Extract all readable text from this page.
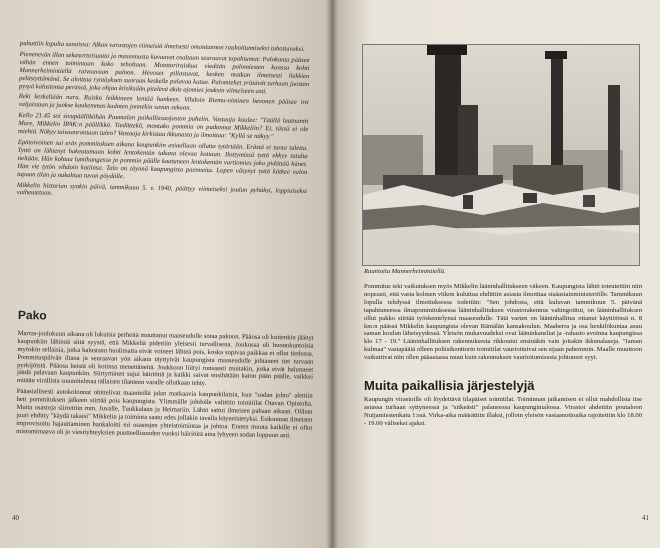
puhuttiin lopulta sanoissa: Alkon varastojen viimeisiä ilmeisesti omantunnon rauhoittamiseksi tuhottavaksi.

Pienenevän illan sekasortoisuutta ja masennusta kuvaavat osaltaan seuraavat tapahtumat: Palokunta pääsee vähän ennen toimintaan koko teholtaan. Moottoriruiskua viedään palomiesten kanssa kohti Mannerheimintiellä raivoavaan paloon. Hevoset pillastuvat, kesken matkan ilmeisesti liekkien pelästyttämänä. Se aloittaa ryntäyksen suoraan keskelle palavaa katua. Palomiehet yrittävät turhaan juosten pysyä kalustonsa perässä, joka ohjaa kiisiksään pitelevä äkäs ajomies jouksin viimeiseen asti.

Reki keskeltään naru. Ruisku leikkineen lentää hankeen. Vihdoin Riemu-niminen hevonen pääsee irti valjaistaan ja juokse kaukemmas kadoten jonnekin savun sekaan.

Kello 21.45 soi sivupäälliköhän Paumalan paikallissuojaston puhelin. Vastaaja kuulee: "Täällä luutnantti Mure, Mikkelin IPAK:n päällikkö. Tiedättekö, montako pommia on pudonnut Mikkeliin? Ei, tässä ei ole miehiä. Näkyy taivaanrantaan tulen? Vastaaja kirkistaa ikkunasta ja ilmoittaa: "Kyllä se näkyy."

Epätoivoinen sai eräs pommituksen aikana kaupunkiin asiaallaan ollutta tytärtään. Erästä ei tuota tuletta. Tyttö on lähtenyt hakeutumaan kohti lentokentän takana olevaa kotiaan. Ilottymissä tyttö ekkyy tutulta tieltään. Hän kohtaa lumihangessa jo pommin päälle kaatuneen lentokentän vartiomies joka pidättää hänet. Hän vie tytön vihdoin kotiinsa. Talo on täynnä kaupungista paenneita. Lopen väsynyt tyttö kätkee valon tupaan tilan ja nukahtaa tuvan pöydälle.

Mikkelin historian synkin päivä, tammikuun 5. v. 1940, päättyy viimeiseksi joulun pyhäksi, loppiaiseksi vaiheutetaan.

Pako

Marras-joulukuun aikana oli lukuisia perheitä muuttanut maaseudulle sotaa pakoon. Pääosa oli kuitenkin jäänyt kaupunkiin lähinnä siitä syystä, että Mikkeliä pidettiin yleisesti turvallisena. Joukossa oli huonokuntoisia myöskin sellaisia, jotka halustaan huolimatta eivät voineet lähteä pois, koska sopivaa paikkaa ei ollut tiedossa. Pommituspäivän iltana ja seuraavan yön aikana täyttyivät kaupungista maaseudulle johtaneet tiet turvaan pyrkijöistä. Pääosa heistä oli kotinsa menettäneitä. Joukkoon liittyi runsaasti muitakin, jotka eivät halunneet jäädä palavaan kaupunkiin. Siirtyminen sujui häiriöttä ja kaikki saivat ensihätään katon pään päälle, vaikkei mitään virallista suunnitelmaa tällaisen tilanteen varalle ollutkaan tehty.

Pääasiallisesti autokolonnat ohittelivat maanteillä jalan matkaavia kaupunkilaisia, kun "sodan johto" alettiin heti pommituksen jälkeen siirtää pois kaupungista. Ylimmälle johdolle valittiin toimitilat Otavan Opistolta. Muita osastoja siirrettiin mm. Juvalle, Tuukkalaan ja Heimariin. Lähtö sattui ilmeisen pahaan aikaan. Olihan juuri ehditty "käydä takaisi" Mikkelin ja toiminta saatu edes jollakin tavalla käynnistetyksi. Esikunnan ilmeisen improvisoitu hajauttaminen hankaloitti eri osastojen yhteistoimintaa ja johtoa. Ennen muuta kaikille ei ollut mistomimaava oli jo viestiyhteyksien puutteellisuuden vuoksi häiriöitä aina lyhyeen sodan loppuun asti.

40
Raunioita Mannerheimintiellä.

Pommitus teki vaikutuksen myös Mikkelin lääninhallitukseen väkeen. Kaupungista lähtö toteutettiin niin nopeasti, että vasta kolmen viikon kuluttua ehdittiin asiasta ilmoittaa sisäasiainministeriölle. Tammikuun lopulla tehdyssä ilmoituksessa todettiin: "Sen johdosta, että kuluvan tammikuun 5. päivänä tapahtuneessa ilmapommituksessa lääninhallituksen virastorakennus vahingoittui, on lääninhallituksen ollut pakko siirtää työskentelynsä maaseudulle. Tätä varten on lääninhallitus ottanut käyttöönsä n. 8 km:n päässä Mikkelin kaupungista olevan Rämälän kansakoulun. Maaherra ja osa henkilökuntaa asuu saman koulun läheisyydessä. Yleisön mukavuudeksi ovat lääninkansliat ja -rahasto avoinna kaupungissa klo 17 - 19." Lääninhallituksen rakennuksesta rikkoutui ensinäkin vain joitakin ikkunalaseja. "Jaman kulmaa" vastapäätä olleen poliisikonttorin toimitilat vaurioituivat sen sijaan pahemmin. Maalle muuttoon vaikuttivat niin ollen pääasiassa muut kuin rakennuksen vaurioitumisesta johtuneet syyt.

Muita paikallisia järjestelyjä

Kaupungin virastoille oli löydettävä tilapäiset toimitilat. Toiminnan jatkamisen ei ollut mahdollista itse asiassa turhaan syttyneessä ja "sitkeästi" palaneessa kaupungintalossa. Virastot ahdettiin poutaloon Nuijamiestenkatu 1:ssä. Virka-aika määrättiin illaksi, jolloin yleisön vastaanottoaika rajoitettiin klo 18.00 - 19.00 väliseksi ajaksi.

41
